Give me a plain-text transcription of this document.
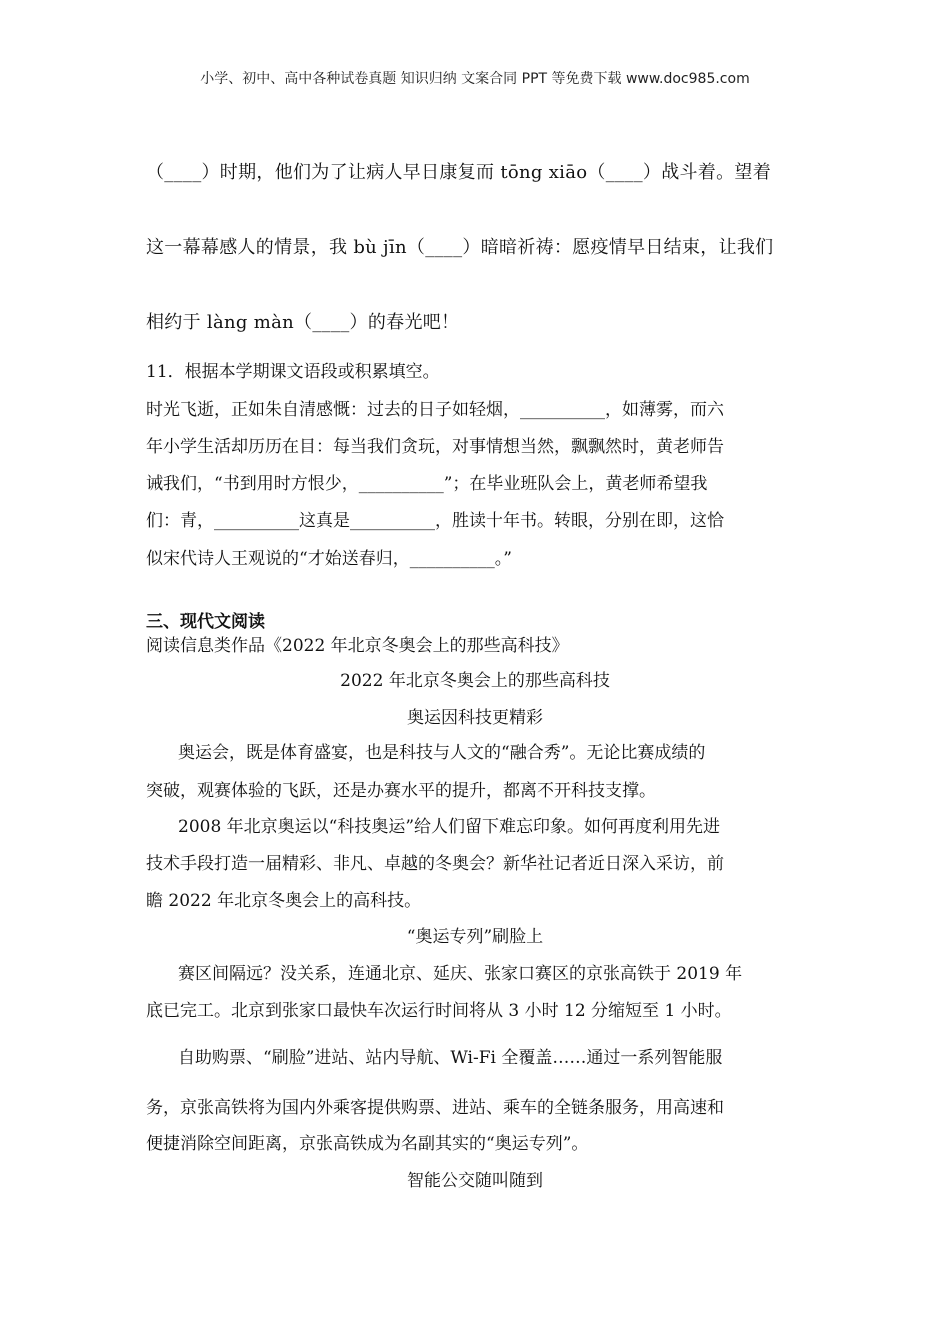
小学、初中、高中各种试卷真题 知识归纳 文案合同 PPT 等免费下载 www.doc985.com
（____）时期，他们为了让病人早日康复而 tōng xiāo（____）战斗着。望着
这一幕幕感人的情景，我 bù jīn（____）暗暗祈祷：愿疫情早日结束，让我们
相约于 làng màn（____）的春光吧！
11．根据本学期课文语段或积累填空。
时光飞逝，正如朱自清感慨：过去的日子如轻烟，__________，如薄雾，而六
年小学生活却历历在目：每当我们贪玩，对事情想当然，飘飘然时，黄老师告
诫我们，“书到用时方恨少，__________”；在毕业班队会上，黄老师希望我
们：青，__________这真是__________，胜读十年书。转眼，分别在即，这恰
似宋代诗人王观说的“才始送春归，__________。”
三、现代文阅读
阅读信息类作品《2022 年北京冬奥会上的那些高科技》
2022 年北京冬奥会上的那些高科技
奥运因科技更精彩
奥运会，既是体育盛宴，也是科技与人文的“融合秀”。无论比赛成绩的
突破，观赛体验的飞跃，还是办赛水平的提升，都离不开科技支撑。
2008 年北京奥运以“科技奥运”给人们留下难忘印象。如何再度利用先进
技术手段打造一届精彩、非凡、卓越的冬奥会？新华社记者近日深入采访，前
瞻 2022 年北京冬奥会上的高科技。
“奥运专列”刷脸上
赛区间隔远？没关系，连通北京、延庆、张家口赛区的京张高铁于 2019 年
底已完工。北京到张家口最快车次运行时间将从 3 小时 12 分缩短至 1 小时。
自助购票、“刷脸”进站、站内导航、Wi-Fi 全覆盖……通过一系列智能服
务，京张高铁将为国内外乘客提供购票、进站、乘车的全链条服务，用高速和
便捷消除空间距离，京张高铁成为名副其实的“奥运专列”。
智能公交随叫随到
